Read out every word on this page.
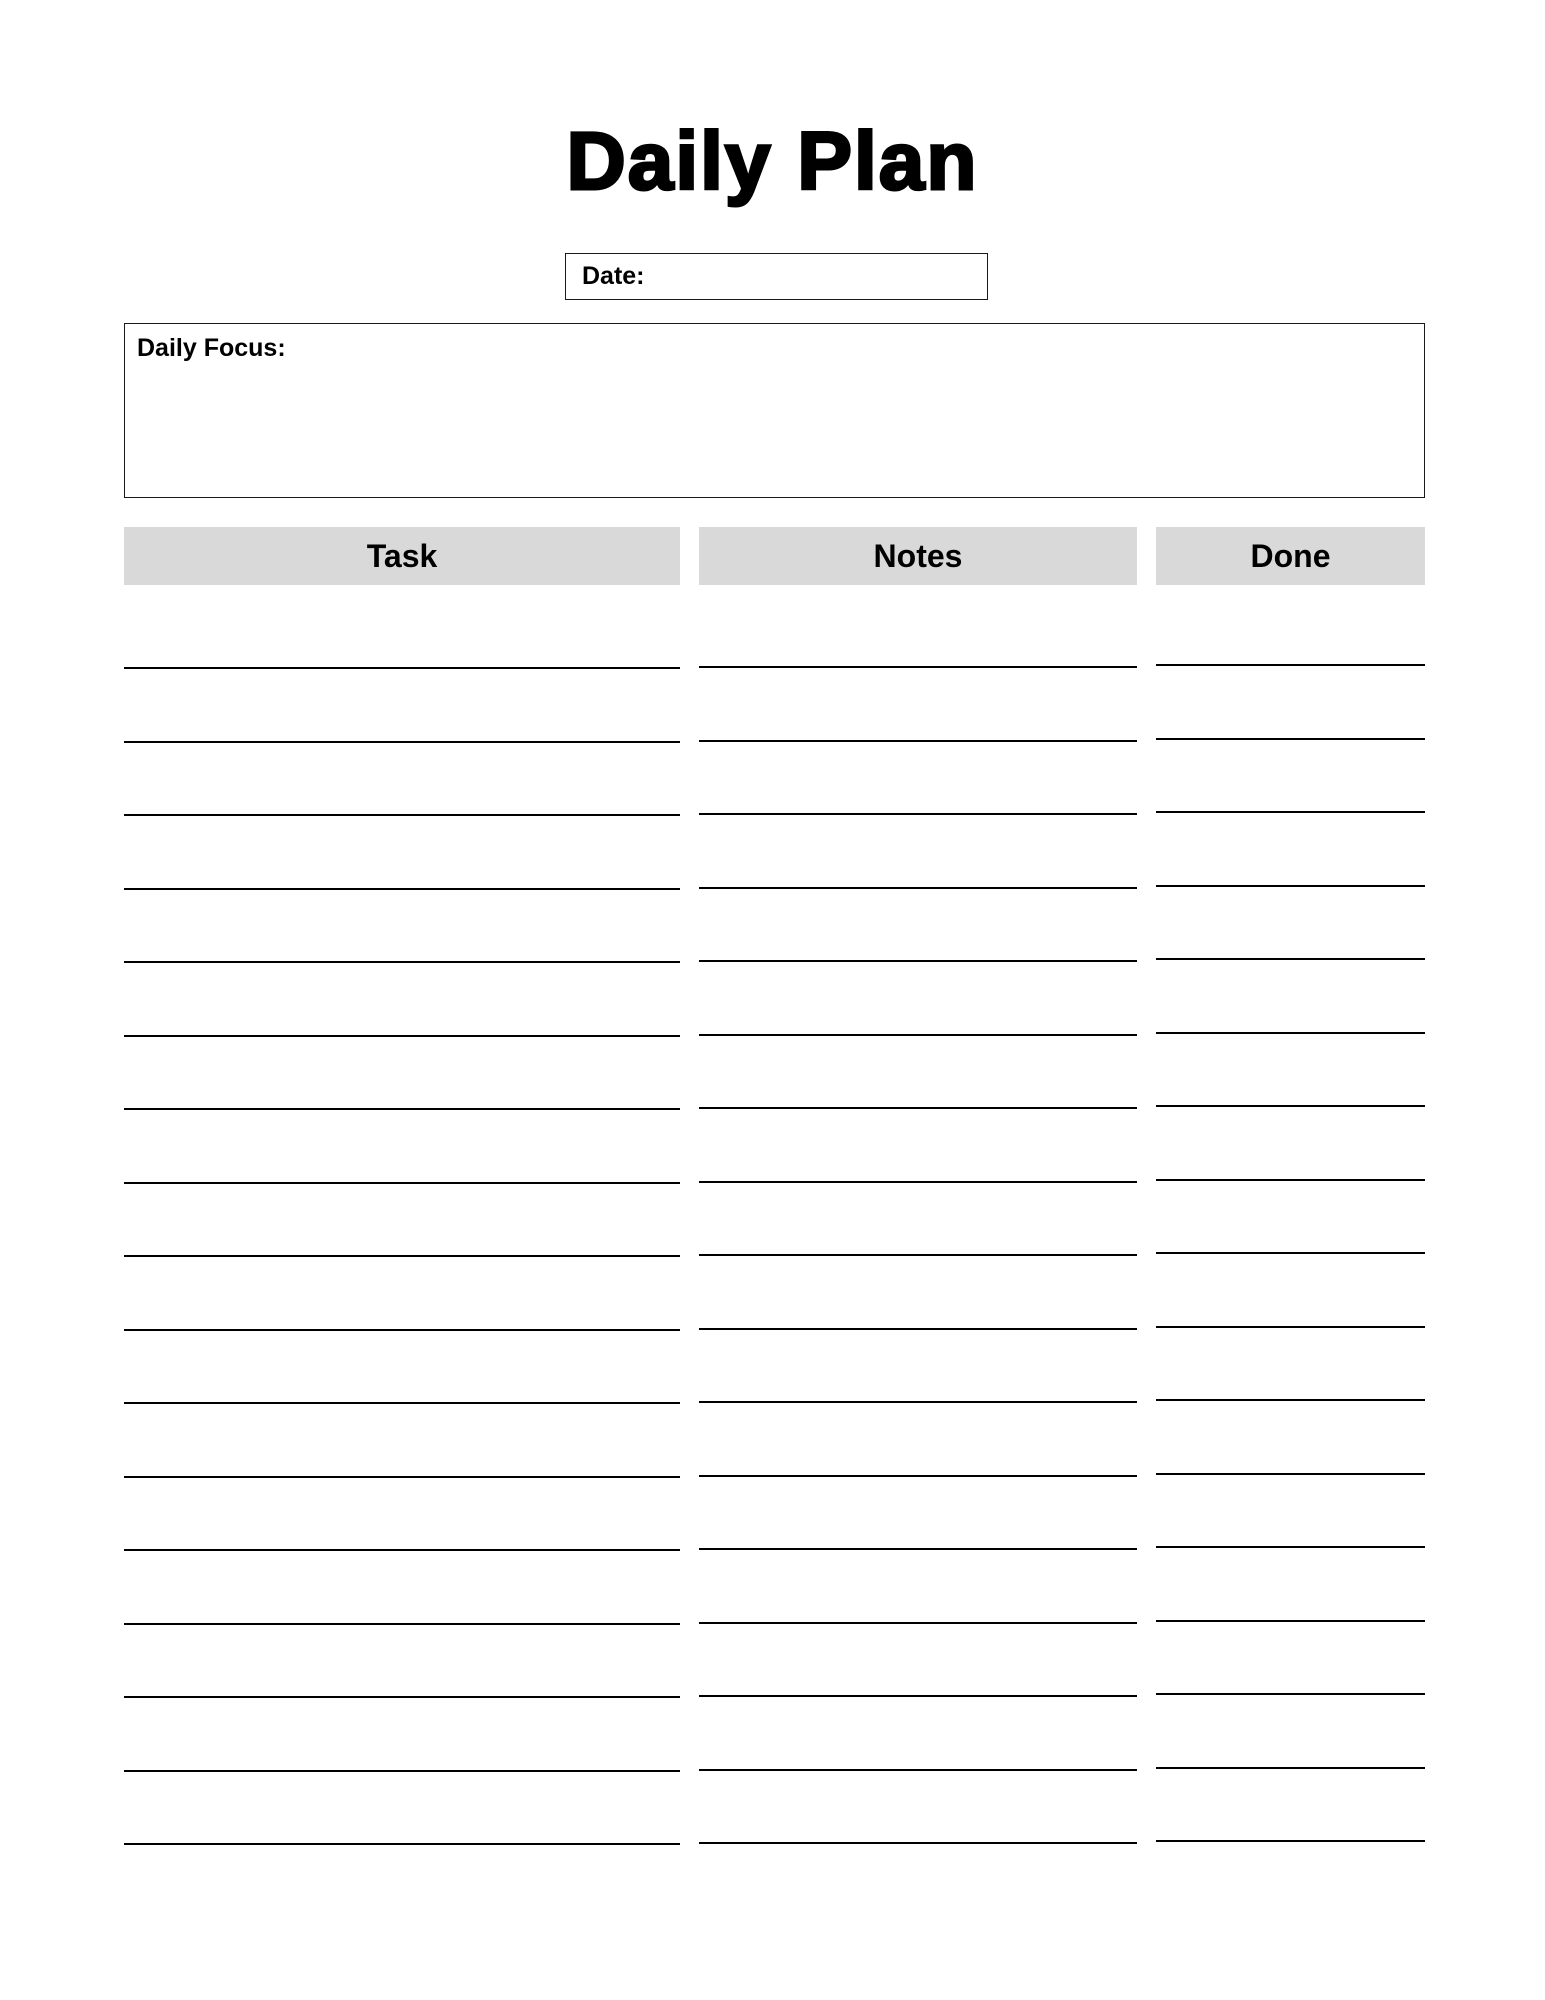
Daily Plan
Date:
Daily Focus:
Task	Notes	Done
